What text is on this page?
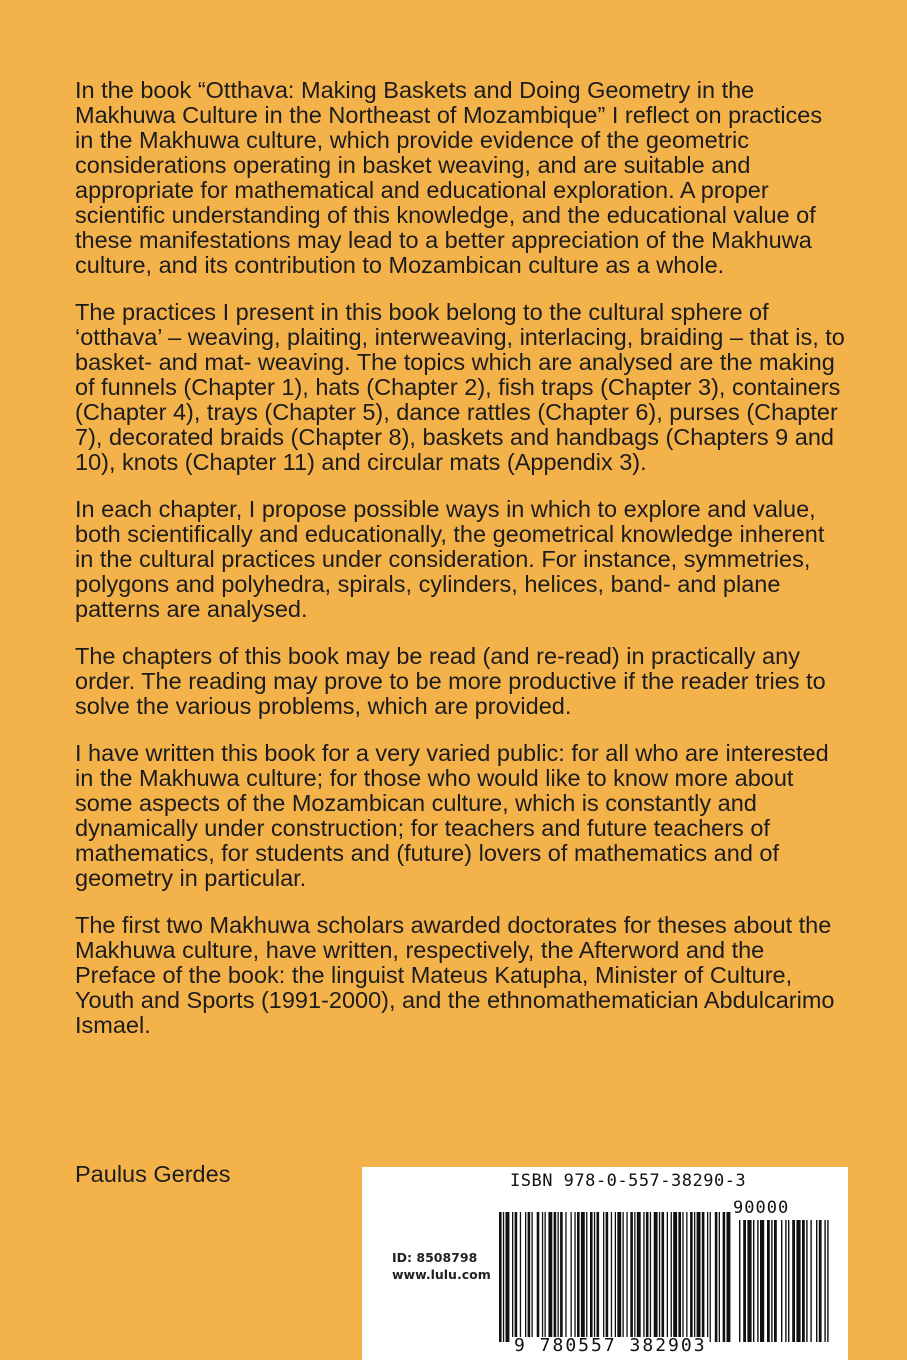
In the book “Otthava: Making Baskets and Doing Geometry in the Makhuwa Culture in the Northeast of Mozambique” I reflect on practices in the Makhuwa culture, which provide evidence of the geometric considerations operating in basket weaving, and are suitable and appropriate for mathematical and educational exploration. A proper scientific understanding of this knowledge, and the educational value of these manifestations may lead to a better appreciation of the Makhuwa culture, and its contribution to Mozambican culture as a whole.

The practices I present in this book belong to the cultural sphere of ‘otthava’ – weaving, plaiting, interweaving, interlacing, braiding – that is, to basket- and mat- weaving. The topics which are analysed are the making of funnels (Chapter 1), hats (Chapter 2), fish traps (Chapter 3), containers (Chapter 4), trays (Chapter 5), dance rattles (Chapter 6), purses (Chapter 7), decorated braids (Chapter 8), baskets and handbags (Chapters 9 and 10), knots (Chapter 11) and circular mats (Appendix 3).

In each chapter, I propose possible ways in which to explore and value, both scientifically and educationally, the geometrical knowledge inherent in the cultural practices under consideration. For instance, symmetries, polygons and polyhedra, spirals, cylinders, helices, band- and plane patterns are analysed.

The chapters of this book may be read (and re-read) in practically any order. The reading may prove to be more productive if the reader tries to solve the various problems, which are provided.

I have written this book for a very varied public: for all who are interested in the Makhuwa culture; for those who would like to know more about some aspects of the Mozambican culture, which is constantly and dynamically under construction; for teachers and future teachers of mathematics, for students and (future) lovers of mathematics and of geometry in particular.

The first two Makhuwa scholars awarded doctorates for theses about the Makhuwa culture, have written, respectively, the Afterword and the Preface of the book: the linguist Mateus Katupha, Minister of Culture, Youth and Sports (1991-2000), and the ethnomathematician Abdulcarimo Ismael.

Paulus Gerdes	ISBN 978-0-557-38290-3
90000
ID: 8508798
www.lulu.com
9 780557 382903
